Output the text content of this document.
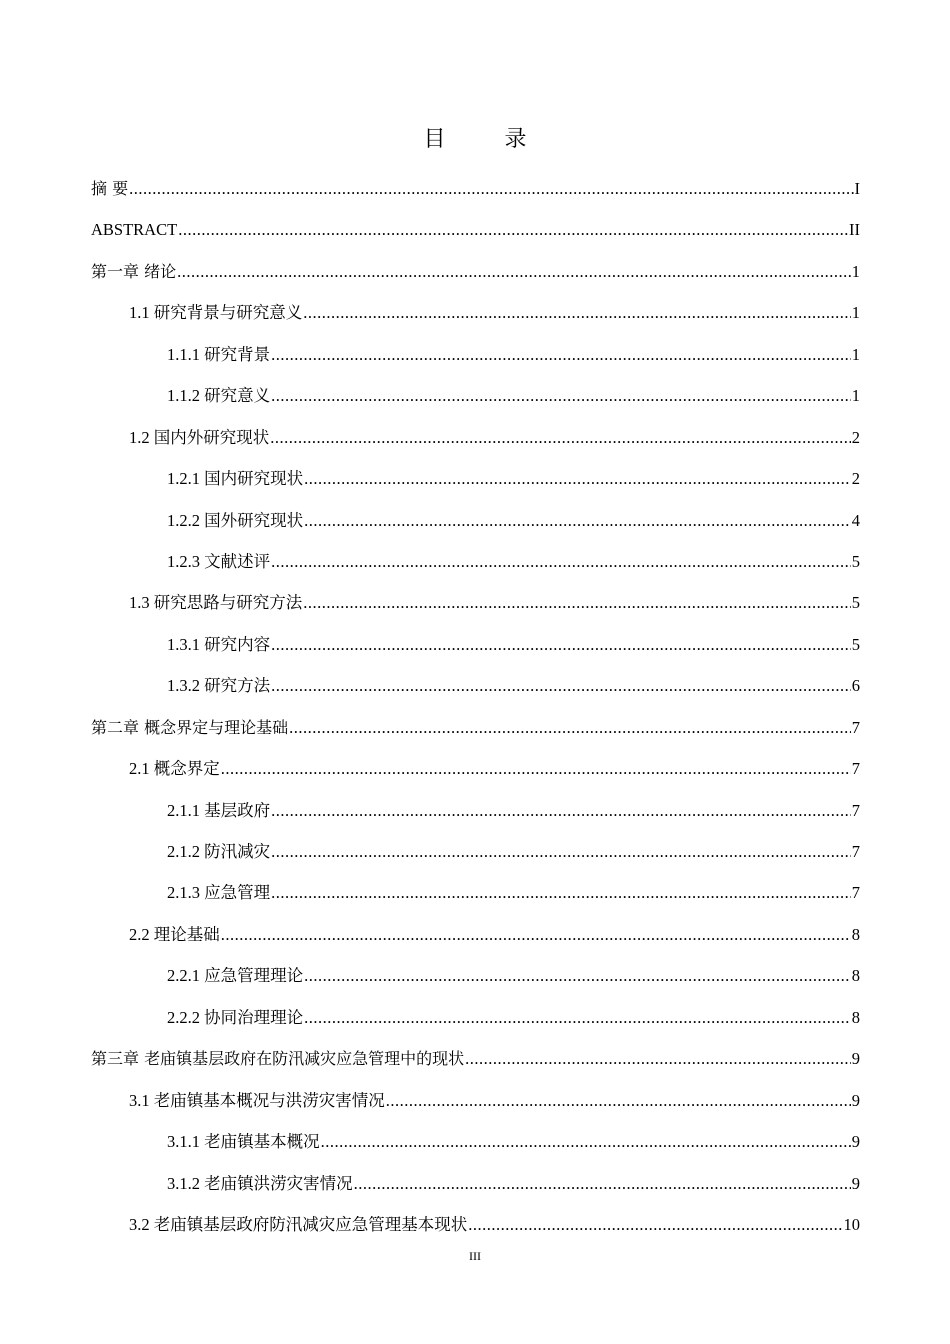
目 录
摘 要 .....	I
ABSTRACT .....	II
第一章 绪论 .....	1
1.1 研究背景与研究意义 .....	1
1.1.1 研究背景 .....	1
1.1.2 研究意义 .....	1
1.2 国内外研究现状 .....	2
1.2.1 国内研究现状 .....	2
1.2.2 国外研究现状 .....	4
1.2.3 文献述评 .....	5
1.3 研究思路与研究方法 .....	5
1.3.1 研究内容 .....	5
1.3.2 研究方法 .....	6
第二章 概念界定与理论基础 .....	7
2.1 概念界定 .....	7
2.1.1 基层政府 .....	7
2.1.2 防汛减灾 .....	7
2.1.3 应急管理 .....	7
2.2 理论基础 .....	8
2.2.1 应急管理理论 .....	8
2.2.2 协同治理理论 .....	8
第三章 老庙镇基层政府在防汛减灾应急管理中的现状 .....	9
3.1 老庙镇基本概况与洪涝灾害情况 .....	9
3.1.1 老庙镇基本概况 .....	9
3.1.2 老庙镇洪涝灾害情况 .....	9
3.2 老庙镇基层政府防汛减灾应急管理基本现状 .....	10
III
